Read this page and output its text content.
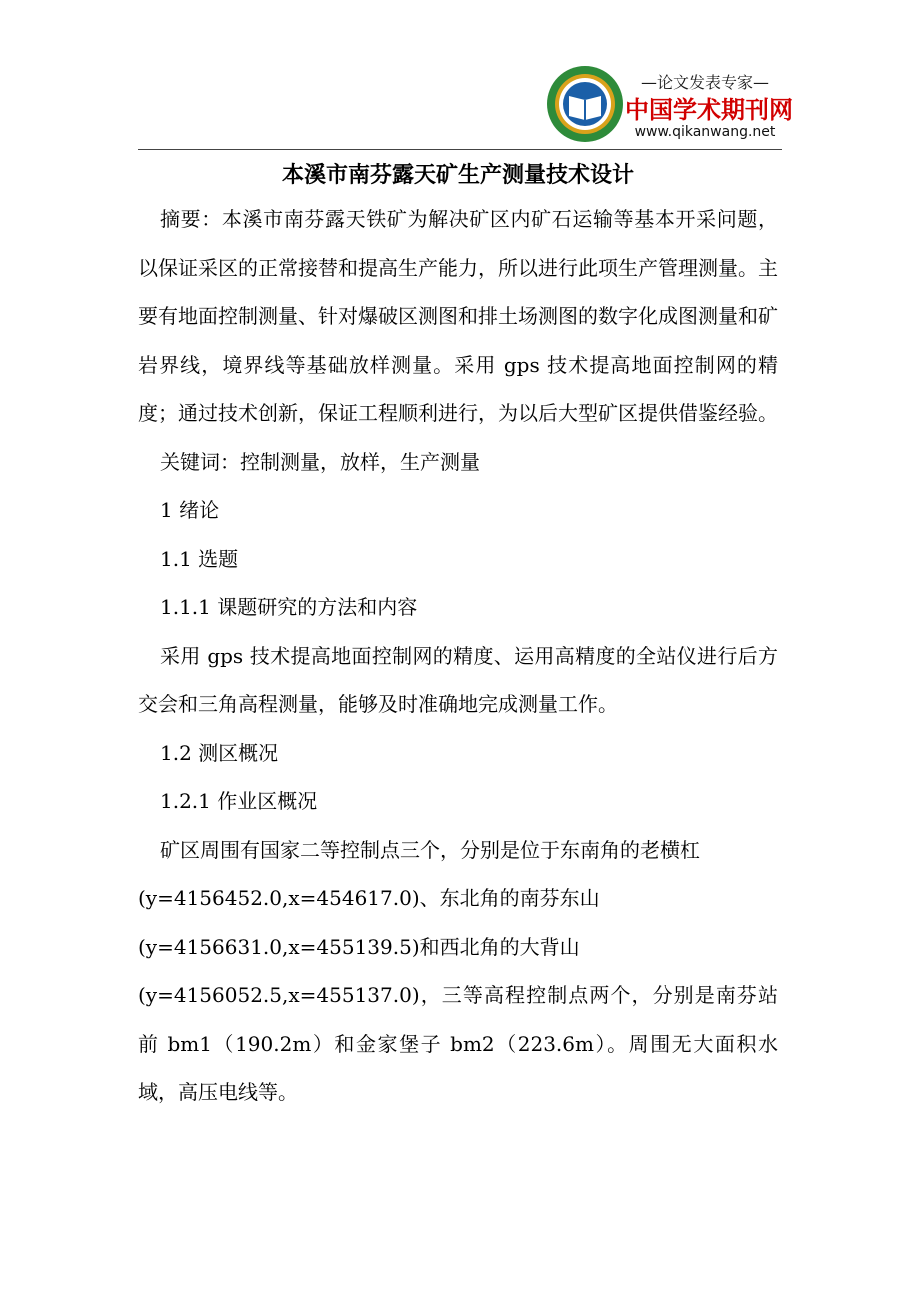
—论文发表专家—
中国学术期刊网
www.qikanwang.net

本溪市南芬露天矿生产测量技术设计

摘要：本溪市南芬露天铁矿为解决矿区内矿石运输等基本开采问题，以保证采区的正常接替和提高生产能力，所以进行此项生产管理测量。主要有地面控制测量、针对爆破区测图和排土场测图的数字化成图测量和矿岩界线，境界线等基础放样测量。采用 gps 技术提高地面控制网的精度；通过技术创新，保证工程顺利进行，为以后大型矿区提供借鉴经验。

关键词：控制测量，放样，生产测量

1 绪论

1.1 选题

1.1.1 课题研究的方法和内容

采用 gps 技术提高地面控制网的精度、运用高精度的全站仪进行后方交会和三角高程测量，能够及时准确地完成测量工作。

1.2 测区概况

1.2.1 作业区概况

矿区周围有国家二等控制点三个，分别是位于东南角的老横杠

(y=4156452.0,x=454617.0)、东北角的南芬东山

(y=4156631.0,x=455139.5)和西北角的大背山

(y=4156052.5,x=455137.0)，三等高程控制点两个，分别是南芬站前 bm1（190.2m）和金家堡子 bm2（223.6m）。周围无大面积水域，高压电线等。
